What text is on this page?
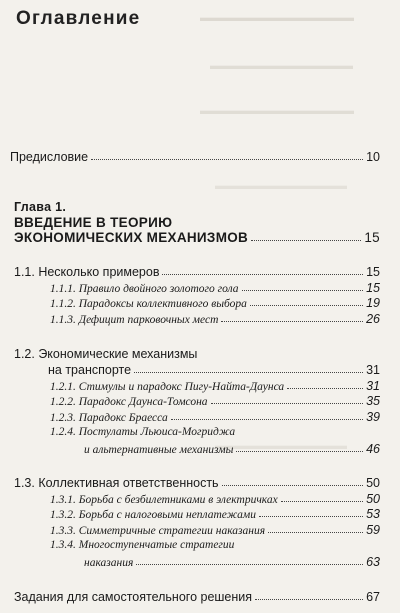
▬▬▬▬▬▬▬▬▬▬▬▬▬▬
▬▬▬▬▬▬▬▬▬▬▬▬▬
▬▬▬▬▬▬▬▬▬▬▬▬▬▬
▬▬▬▬▬▬▬▬▬▬▬▬
▬▬▬▬▬▬▬▬▬▬▬▬
Оглавление
Предисловие	10
Глава 1.
ВВЕДЕНИЕ В ТЕОРИЮ
ЭКОНОМИЧЕСКИХ МЕХАНИЗМОВ	15
1.1. Несколько примеров	15
1.1.1. Правило двойного золотого гола	15
1.1.2. Парадоксы коллективного выбора	19
1.1.3. Дефицит парковочных мест	26
1.2. Экономические механизмы
на транспорте	31
1.2.1. Стимулы и парадокс Пигу-Найта-Даунса	31
1.2.2. Парадокс Даунса-Томсона	35
1.2.3. Парадокс Браесса	39
1.2.4. Постулаты Льюиса-Могриджа
и альтернативные механизмы	46
1.3. Коллективная ответственность	50
1.3.1. Борьба с безбилетниками в электричках	50
1.3.2. Борьба с налоговыми неплатежами	53
1.3.3. Симметричные стратегии наказания	59
1.3.4. Многоступенчатые стратегии
наказания	63
Задания для самостоятельного решения	67
